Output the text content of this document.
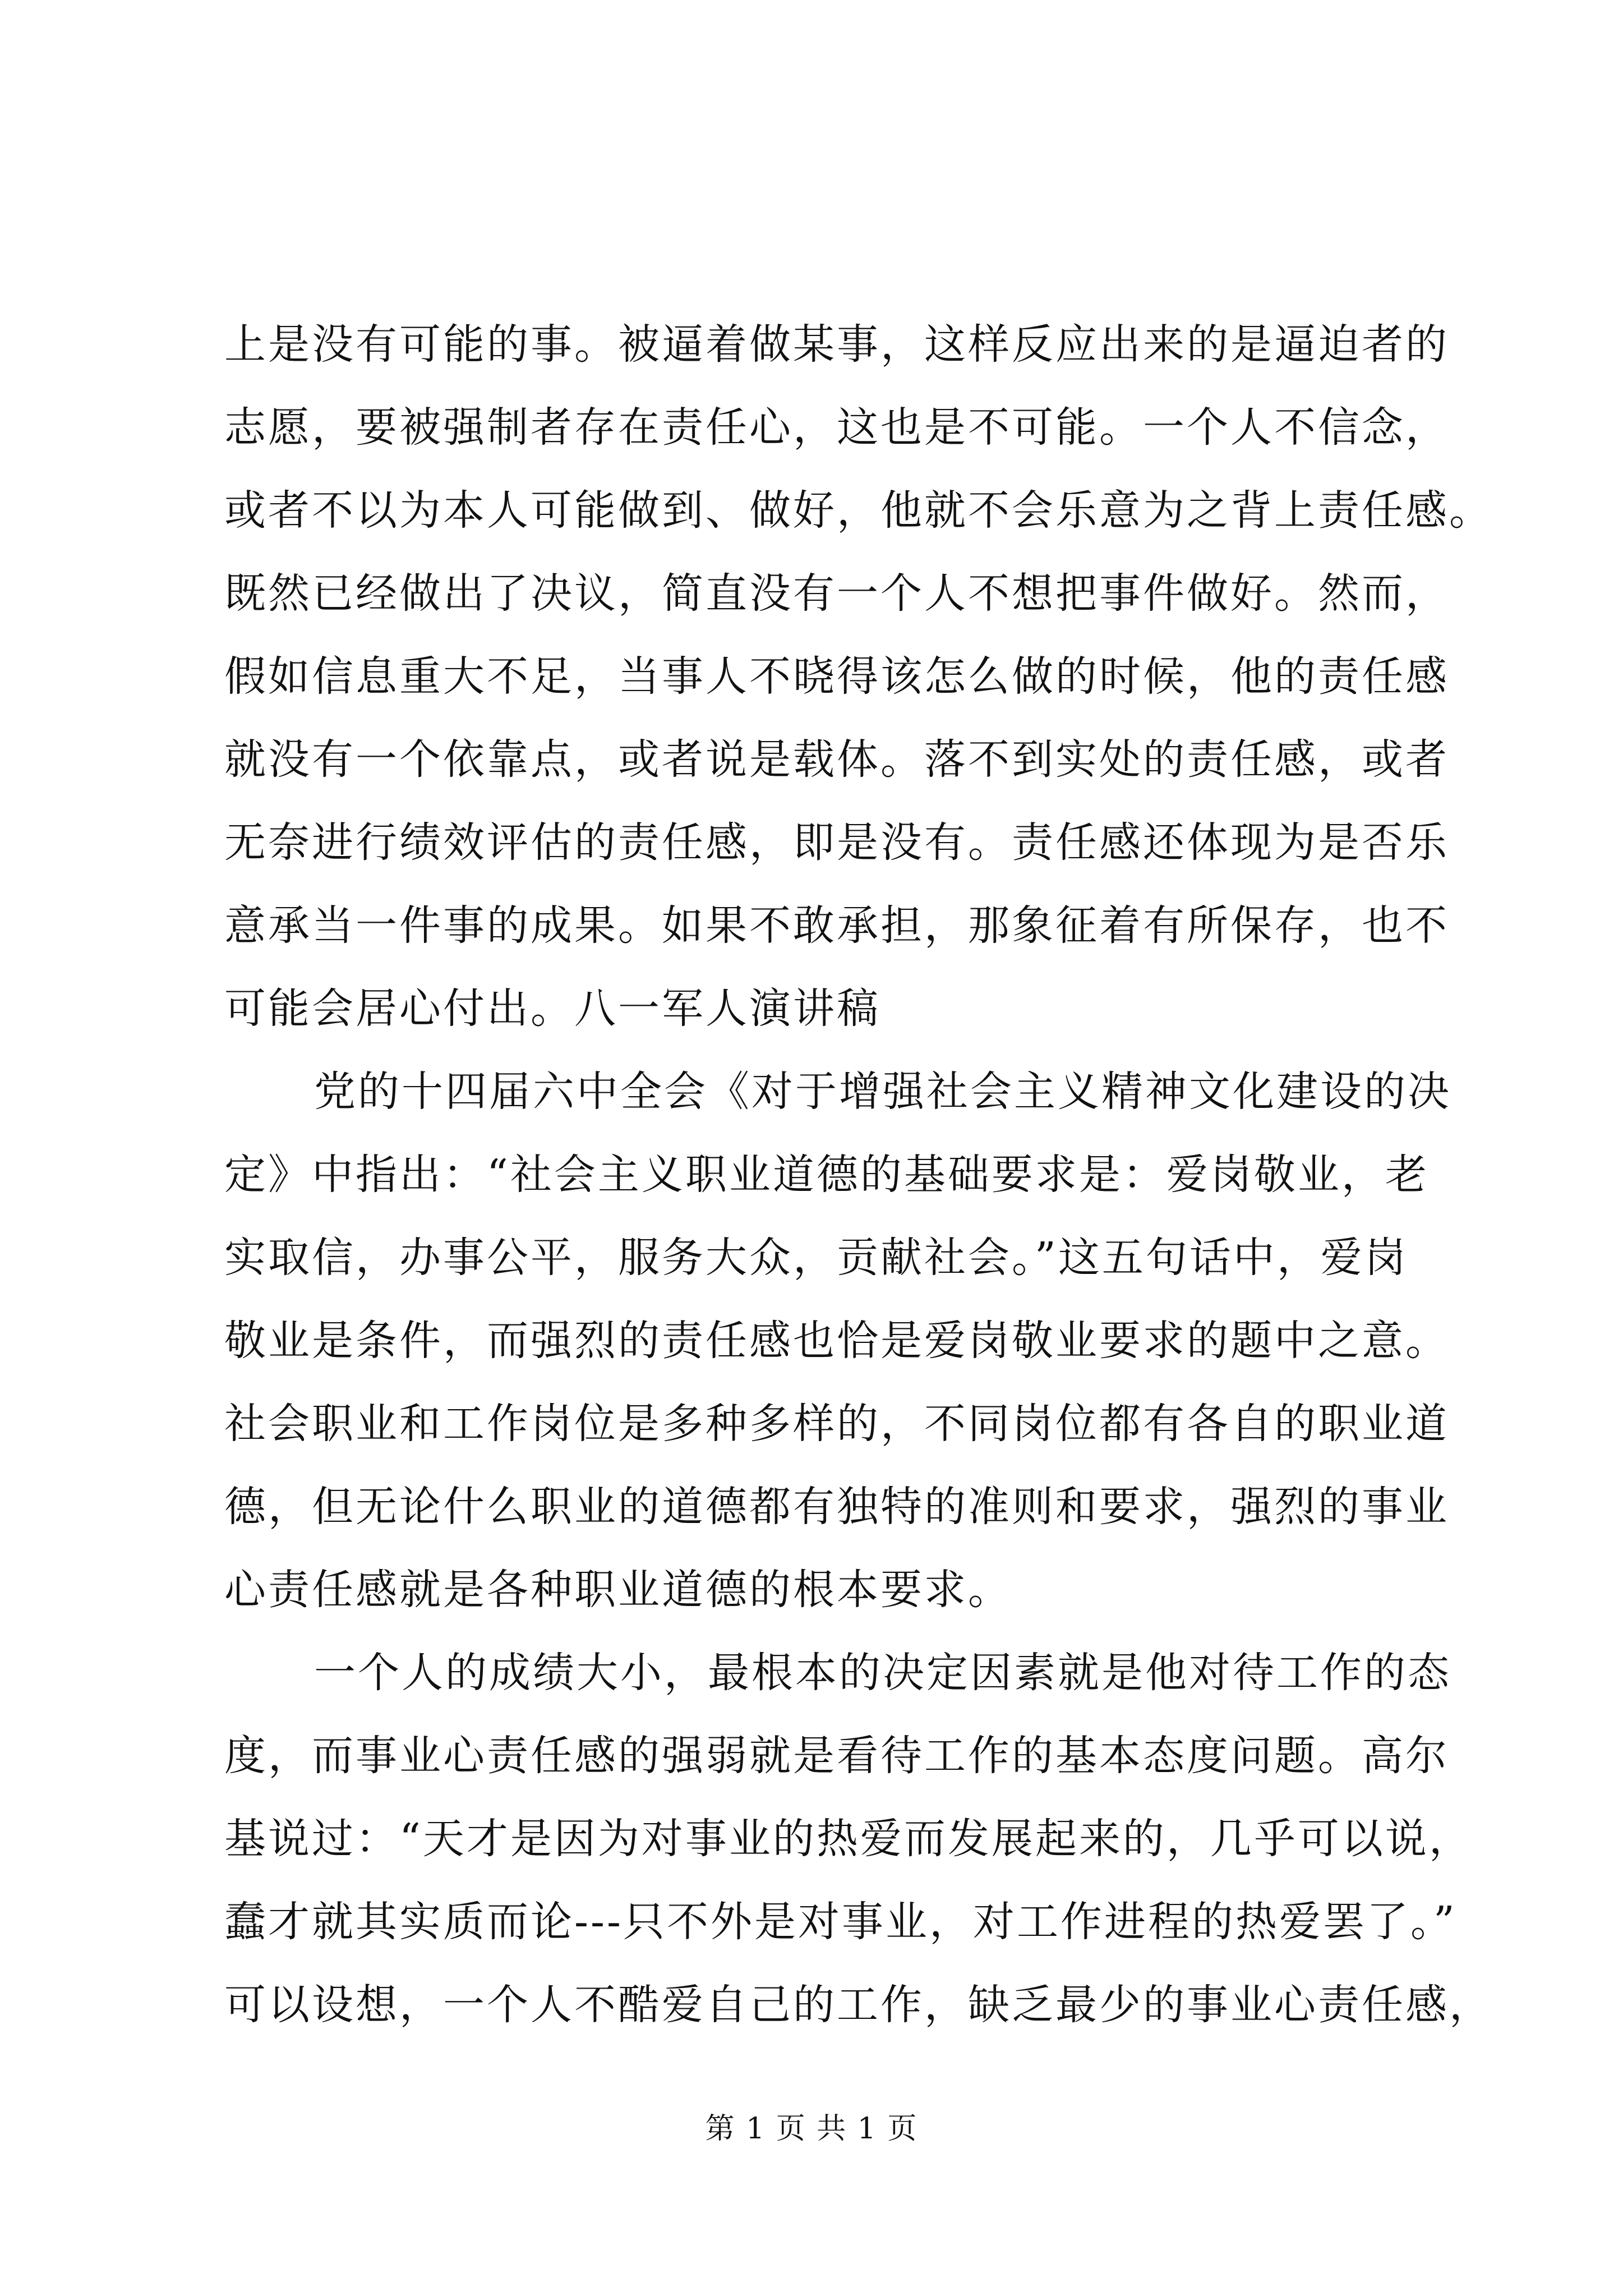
上是没有可能的事。被逼着做某事，这样反应出来的是逼迫者的
志愿，要被强制者存在责任心，这也是不可能。一个人不信念，
或者不以为本人可能做到、做好，他就不会乐意为之背上责任感。
既然已经做出了决议，简直没有一个人不想把事件做好。然而，
假如信息重大不足，当事人不晓得该怎么做的时候，他的责任感
就没有一个依靠点，或者说是载体。落不到实处的责任感，或者
无奈进行绩效评估的责任感，即是没有。责任感还体现为是否乐
意承当一件事的成果。如果不敢承担，那象征着有所保存，也不
可能会居心付出。八一军人演讲稿
党的十四届六中全会《对于增强社会主义精神文化建设的决
定》中指出：“社会主义职业道德的基础要求是：爱岗敬业，老
实取信，办事公平，服务大众，贡献社会。”这五句话中，爱岗
敬业是条件，而强烈的责任感也恰是爱岗敬业要求的题中之意。
社会职业和工作岗位是多种多样的，不同岗位都有各自的职业道
德，但无论什么职业的道德都有独特的准则和要求，强烈的事业
心责任感就是各种职业道德的根本要求。
一个人的成绩大小，最根本的决定因素就是他对待工作的态
度，而事业心责任感的强弱就是看待工作的基本态度问题。高尔
基说过：“天才是因为对事业的热爱而发展起来的，几乎可以说，
蠢才就其实质而论---只不外是对事业，对工作进程的热爱罢了。”
可以设想，一个人不酷爱自己的工作，缺乏最少的事业心责任感，
第 1 页 共 1 页
